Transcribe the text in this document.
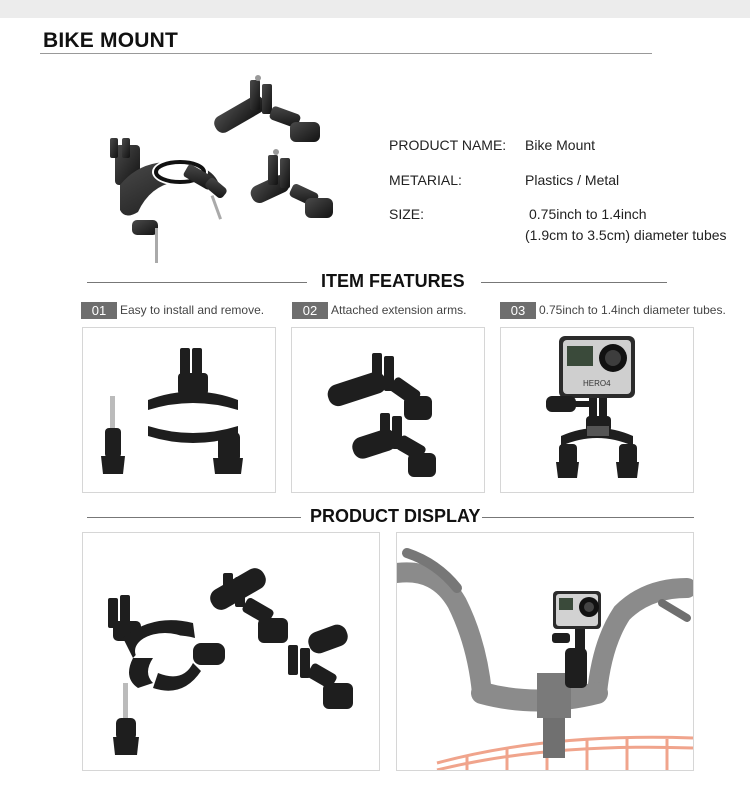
BIKE MOUNT
PRODUCT NAME: Bike Mount
METARIAL:	Plastics / Metal
SIZE:	0.75inch to 1.4inch
(1.9cm to 3.5cm) diameter tubes
ITEM FEATURES
01	Easy to install and remove.	02	Attached extension arms.	03	0.75inch to 1.4inch diameter tubes.
HERO4
PRODUCT DISPLAY
